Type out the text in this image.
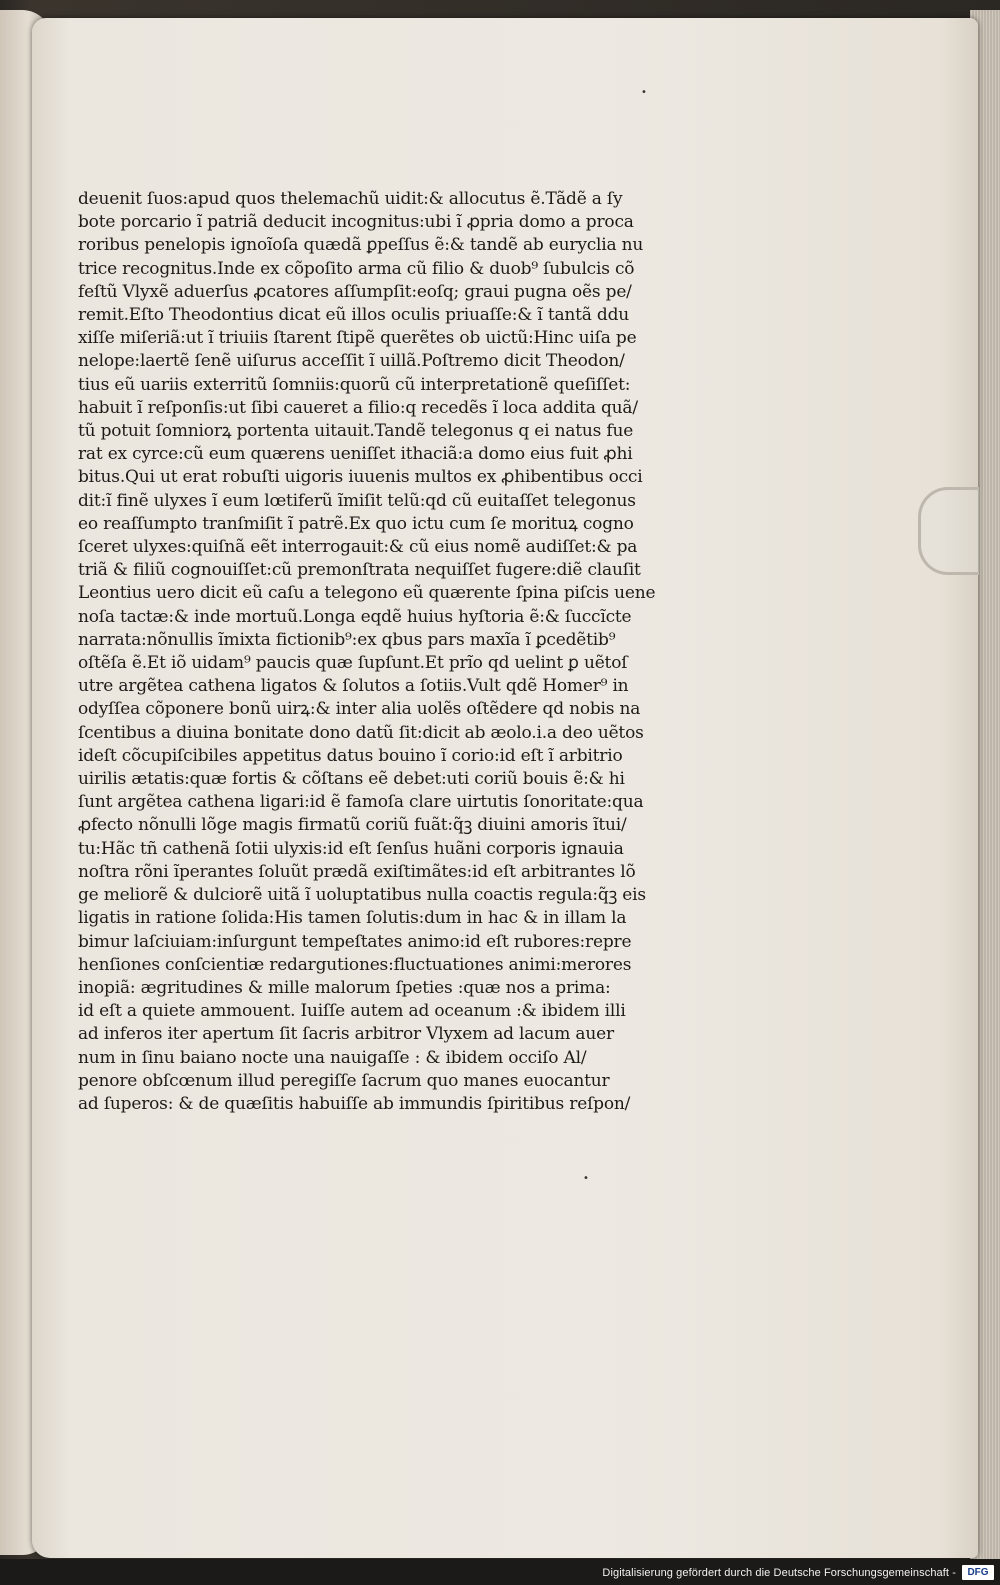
•
•
deuenit ſuos:apud quos thelemachũ uidit:& allocutus ẽ.Tãdẽ a ſy
bote porcario ĩ patriã deducit incognitus:ubi ĩ ꝓpria domo a proca
roribus penelopis ignoĩoſa quædã ꝑpeſſus ẽ:& tandẽ ab euryclia nu
trice recognitus.Inde ex cõpoſito arma cũ filio & duob⁹ ſubulcis cõ
feſtũ Vlyxẽ aduerſus ꝓcatores aſſumpſit:eoſq; graui pugna oẽs pe/
remit.Eſto Theodontius dicat eũ illos oculis priuaſſe:& ĩ tantã ddu
xiſſe miſeriã:ut ĩ triuiis ſtarent ſtipẽ querẽtes ob uictũ:Hinc uiſa pe
nelope:laertẽ ſenẽ uiſurus acceſſit ĩ uillã.Poſtremo dicit Theodon/
tius eũ uariis exterritũ ſomniis:quorũ cũ interpretationẽ queſiſſet:
habuit ĩ reſponſis:ut ſibi caueret a filio:q recedẽs ĩ loca addita quã/
tũ potuit ſomniorꝝ portenta uitauit.Tandẽ telegonus q ei natus fue
rat ex cyrce:cũ eum quærens ueniſſet ithaciã:a domo eius fuit ꝓhi
bitus.Qui ut erat robuſti uigoris iuuenis multos ex ꝓhibentibus occi
dit:ĩ finẽ ulyxes ĩ eum lœtiferũ ĩmiſit telũ:qd cũ euitaſſet telegonus
eo reaſſumpto tranſmiſit ĩ patrẽ.Ex quo ictu cum ſe morituꝝ cogno
ſceret ulyxes:quiſnã eẽt interrogauit:& cũ eius nomẽ audiſſet:& pa
triã & filiũ cognouiſſet:cũ premonſtrata nequiſſet fugere:diẽ clauſit
Leontius uero dicit eũ caſu a telegono eũ quærente ſpina piſcis uene
noſa tactæ:& inde mortuũ.Longa eqdẽ huius hyſtoria ẽ:& ſuccĩcte
narrata:nõnullis ĩmixta fictionib⁹:ex qbus pars maxĩa ĩ ꝑcedẽtib⁹
oſtẽſa ẽ.Et iõ uidam⁹ paucis quæ ſupſunt.Et prĩo qd uelint ꝑ uẽtoſ
utre argẽtea cathena ligatos & ſolutos a ſotiis.Vult qdẽ Homer⁹ in
odyſſea cõponere bonũ uirꝝ:& inter alia uolẽs oſtẽdere qd nobis na
ſcentibus a diuina bonitate dono datũ ſit:dicit ab æolo.i.a deo uẽtos
ideſt cõcupiſcibiles appetitus datus bouino ĩ corio:id eſt ĩ arbitrio
uirilis ætatis:quæ fortis & cõſtans eẽ debet:uti coriũ bouis ẽ:& hi
ſunt argẽtea cathena ligari:id ẽ famoſa clare uirtutis ſonoritate:qua
ꝓfecto nõnulli lõge magis firmatũ coriũ fuãt:q̃ꝫ diuini amoris ĩtui/
tu:Hãc tñ cathenã ſotii ulyxis:id eſt ſenſus huãni corporis ignauia
noſtra rõni ĩperantes ſoluũt prædã exiſtimãtes:id eſt arbitrantes lõ
ge meliorẽ & dulciorẽ uitã ĩ uoluptatibus nulla coactis regula:q̃ꝫ eis
ligatis in ratione ſolida:His tamen ſolutis:dum in hac & in illam la
bimur laſciuiam:inſurgunt tempeſtates animo:id eſt rubores:repre
henſiones conſcientiæ redargutiones:fluctuationes animi:merores
inopiã: ægritudines & mille malorum ſpeties :quæ nos a prima:
id eſt a quiete ammouent. Iuiſſe autem ad oceanum :& ibidem illi
ad inferos iter apertum ſit ſacris arbitror Vlyxem ad lacum auer
num in ſinu baiano nocte una nauigaſſe : & ibidem occiſo Al/
penore obſcœnum illud peregiſſe ſacrum quo manes euocantur
ad ſuperos: & de quæſitis habuiſſe ab immundis ſpiritibus reſpon/
Digitalisierung gefördert durch die Deutsche Forschungsgemeinschaft -	DFG
